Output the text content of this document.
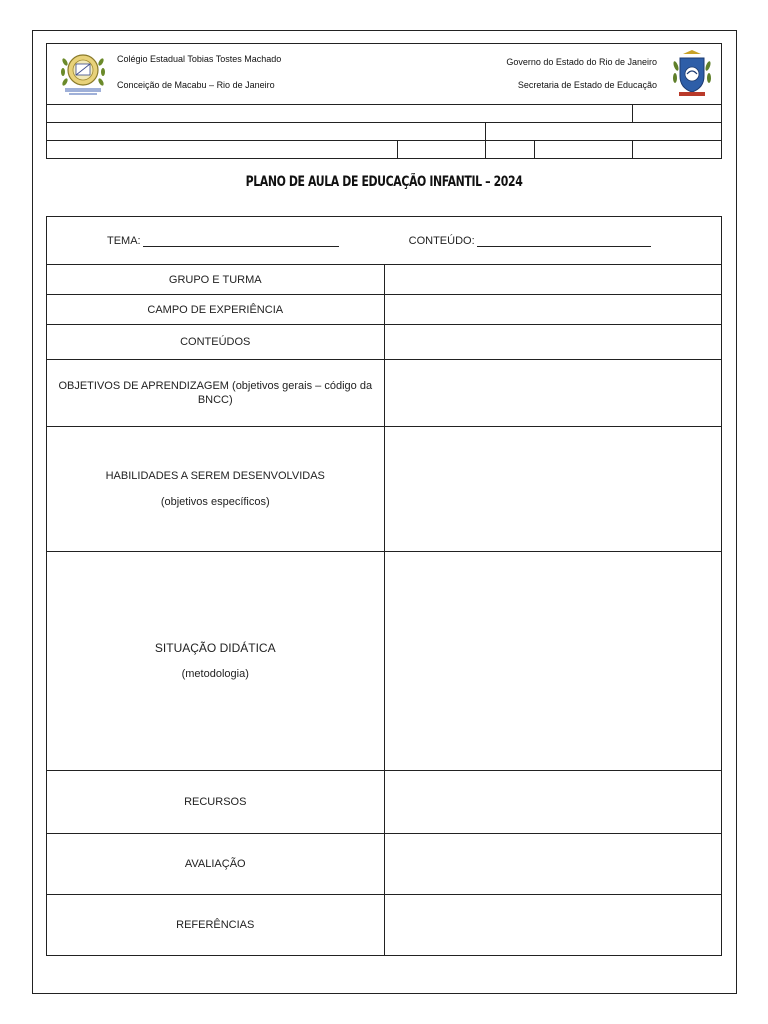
Colégio Estadual Tobias Tostes Machado
Conceição de Macabu – Rio de Janeiro
Governo do Estado do Rio de Janeiro
Secretaria de Estado de Educação
PLANO DE AULA DE EDUCAÇÃO INFANTIL – 2024
TEMA: CONTEÚDO:	

GRUPO E TURMA	
CAMPO DE EXPERIÊNCIA	
CONTEÚDOS	
OBJETIVOS DE APRENDIZAGEM (objetivos gerais – código da BNCC)	
HABILIDADES A SEREM DESENVOLVIDAS
(objetivos específicos)	

SITUAÇÃO DIDÁTICA
(metodologia)	

RECURSOS	
AVALIAÇÃO	
REFERÊNCIAS	
